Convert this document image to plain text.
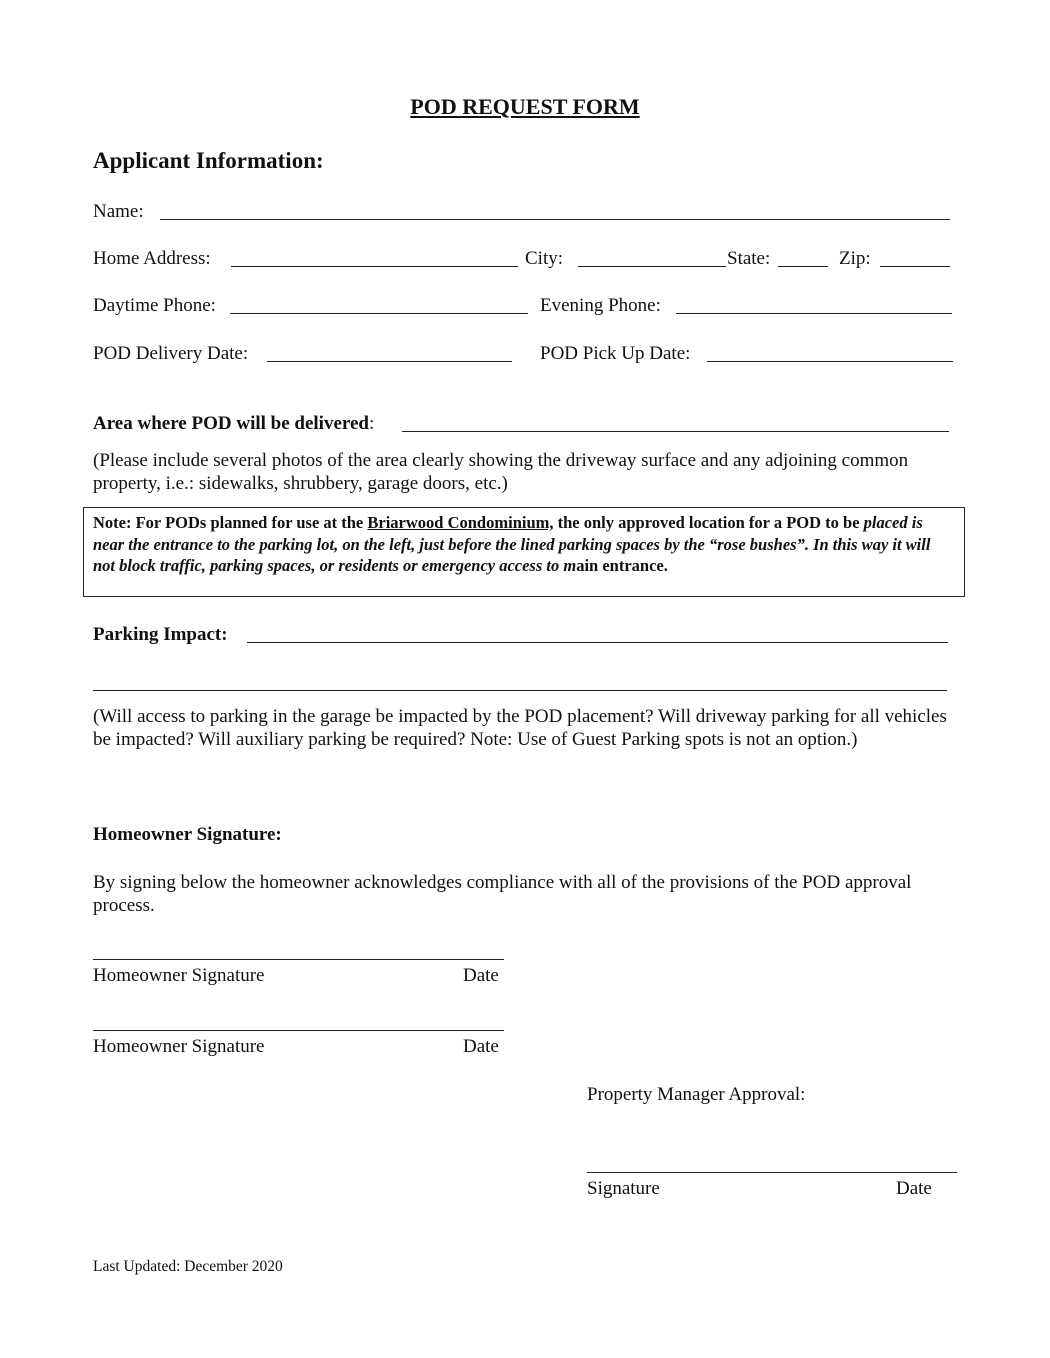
POD REQUEST FORM
Applicant Information:
Name:
Home Address:	City:	State:	Zip:
Daytime Phone:	Evening Phone:
POD Delivery Date:	POD Pick Up Date:
Area where POD will be delivered:
(Please include several photos of the area clearly showing the driveway surface and any adjoining common property, i.e.: sidewalks, shrubbery, garage doors, etc.)
Note: For PODs planned for use at the Briarwood Condominium, the only approved location for a POD to be placed is near the entrance to the parking lot, on the left, just before the lined parking spaces by the “rose bushes”. In this way it will not block traffic, parking spaces, or residents or emergency access to main entrance.
Parking Impact:
(Will access to parking in the garage be impacted by the POD placement? Will driveway parking for all vehicles be impacted? Will auxiliary parking be required? Note: Use of Guest Parking spots is not an option.)
Homeowner Signature:
By signing below the homeowner acknowledges compliance with all of the provisions of the POD approval process.
Homeowner Signature	Date
Homeowner Signature	Date
Property Manager Approval:
Signature	Date
Last Updated: December 2020
